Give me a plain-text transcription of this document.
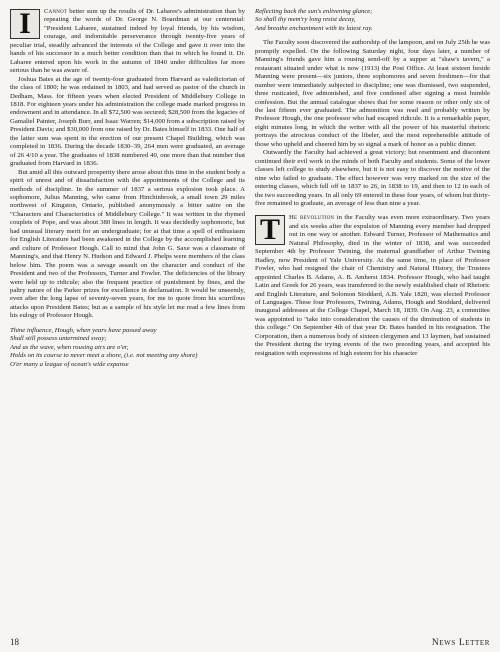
I	Cannot better sum up the results of Dr. Labaree's administration than by repeating the words of Dr. George N. Boardman at our centennial: "President Labaree, sustained indeed by loyal friends, by his wisdom, courage, and indomitable perseverance through twenty-five years of peculiar trial, steadily advanced the interests of the College and gave it over into the hands of his successor in a much better condition than that in which he found it. Dr. Labaree entered upon his work in the autumn of 1840 under difficulties far more serious than he was aware of.

Joshua Bates at the age of twenty-four graduated from Harvard as valedictorian of the class of 1800; he was ordained in 1803, and had served as pastor of the church in Dedham, Mass. for fifteen years when elected President of Middlebury College in 1818. For eighteen years under his administration the college made marked progress in endowment and in attendance. In all $72,500 was secured; $28,500 from the legacies of Gamaliel Painter, Joseph Burr, and Isaac Warren; $14,000 from a subscription raised by President Davis; and $30,000 from one raised by Dr. Bates himself in 1833. One half of the latter sum was spent in the erection of our present Chapel Building, which was completed in 1836. During the decade 1830–39, 264 men were graduated, an average of 26 4/10 a year. The graduates of 1838 numbered 40, one more than that number that graduated from Harvard in 1836.

But amid all this outward prosperity there arose about this time in the student body a spirit of unrest and of dissatisfaction with the appointments of the College and its methods of discipline. In the summer of 1837 a serious explosion took place. A sophomore, Julius Manning, who came from Hinchinbrook, a small town 29 miles northwest of Kingston, Ontario, published anonymously a bitter satire on the "Characters and Characteristics of Middlebury College." It was written in the rhymed couplets of Pope, and was about 380 lines in length. It was decidedly sophomoric, but had unusual literary merit for an undergraduate; for at that time a spell of enthusiasm for English Literature had been awakened in the College by the accomplished learning and culture of Professor Hough. Call to mind that John G. Saxe was a classmate of Manning's, and that Henry N. Hudson and Edward J. Phelps were members of the class below him. The poem was a savage assault on the character and conduct of the President and two of the Professors, Turner and Fowler. The deficiencies of the library were held up to ridicule; also the frequent practice of punishment by fines, and the paltry nature of the Parker prizes for excellence in declamation. It would be unseemly, even after the long lapse of seventy-seven years, for me to quote from his scurrilous attacks upon President Bates; but as a sample of his style let me read a few lines from his eulogy of Professor Hough.

Thine influence, Hough, when years have passed away
Shall still possess untermined sway;
And as the wave, when rousing airs are o'er,
Holds on its course to never meet a shore, (i.e. not meeting any shore)
O'er many a league of ocean's wide expanse
Reflecting back the sun's enlivening glance;
So shall thy mem'ry long resist decay,
And breathe enchantment with its latest ray.

The Faculty soon discovered the authorship of the lampoon, and on July 25th he was promptly expelled. On the following Saturday night, four days later, a number of Manning's friends gave him a rousing send-off by a supper at "shaw's tavern," a restaurant situated under what is now (1913) the Post Office. At least sixteen beside Manning were present—six juniors, three sophomores and seven freshmen—for that number were immediately subjected to discipline; one was dismissed, two suspended, three rusticated, five admonished, and five condoned after signing a most humble confession. But the annual catalogue shows that for some reason or other only six of the last fifteen ever graduated. The admonition was read and probably written by Professor Hough, the one professor who had escaped ridicule. It is a remarkable paper, eight minutes long, in which the writer with all the power of his masterful rhetoric portrays the atrocious conduct of the libeler, and the most reprehensible attitude of those who upheld and cheered him by so signal a mark of honor as a public dinner.

Outwardly the Faculty had achieved a great victory; but resentment and discontent continued their evil work in the minds of both Faculty and students. Some of the lower classes left college to study elsewhere, but it is not easy to discover the motive of the nine who failed to graduate. The effect however was very marked on the size of the entering classes, which fell off in 1837 to 26, in 1838 to 19, and then to 12 in each of the two succeeding years. In all only 69 entered in these four years, of whom but thirty-five remained to graduate, an average of less than nine a year.

T	He revolution in the Faculty was even more extraordinary. Two years and six weeks after the expulsion of Manning every member had dropped out in one way or another. Edward Turner, Professor of Mathematics and Natural Philosophy, died in the winter of 1838, and was succeeded September 4th by Professor Twining, the maternal grandfather of Arthur Twining Hadley, now President of Yale University. At the same time, in place of Professor Fowler, who had resigned the chair of Chemistry and Natural History, the Trustees appointed Charles B. Adams, A. B. Amherst 1834. Professor Hough, who had taught Latin and Greek for 26 years, was transferred to the newly established chair of Rhetoric and English Literature, and Solomon Stoddard, A.B. Yale 1820, was elected Professor of Languages. These four Professors, Twining, Adams, Hough and Stoddard, delivered inaugural addresses at the College Chapel, March 18, 1839. On Aug. 23, a committee was appointed to "take into consideration the causes of the diminution of students in this college." On September 4th of that year Dr. Bates handed in his resignation. The Corporation, then a numerous body of sixteen clergymen and 13 laymen, had sustained the President during the trying events of the two preceding years, and accepted his resignation with expressions of high esteem for his character

18	News Letter
